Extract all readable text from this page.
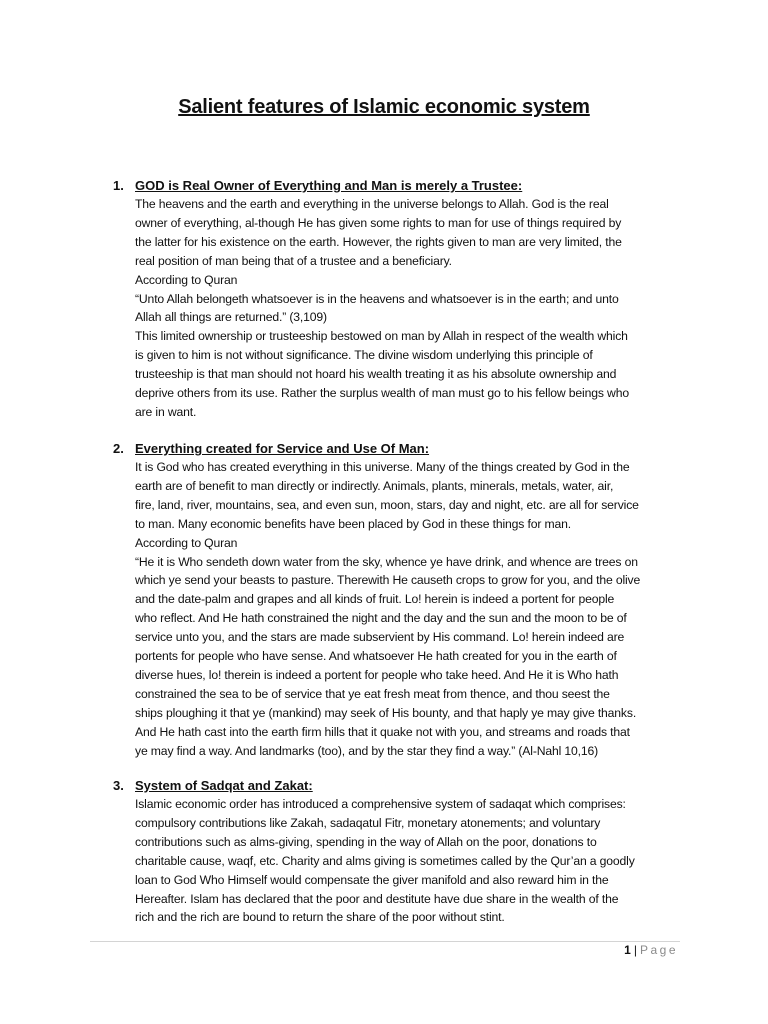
Salient features of Islamic economic system
1. GOD is Real Owner of Everything and Man is merely a Trustee:
The heavens and the earth and everything in the universe belongs to Allah. God is the real
owner of everything, al-though He has given some rights to man for use of things required by
the latter for his existence on the earth. However, the rights given to man are very limited, the
real position of man being that of a trustee and a beneficiary.
According to Quran
“Unto Allah belongeth whatsoever is in the heavens and whatsoever is in the earth; and unto
Allah all things are returned.” (3,109)
This limited ownership or trusteeship bestowed on man by Allah in respect of the wealth which
is given to him is not without significance. The divine wisdom underlying this principle of
trusteeship is that man should not hoard his wealth treating it as his absolute ownership and
deprive others from its use. Rather the surplus wealth of man must go to his fellow beings who
are in want.
2. Everything created for Service and Use Of Man:
It is God who has created everything in this universe. Many of the things created by God in the
earth are of benefit to man directly or indirectly. Animals, plants, minerals, metals, water, air,
fire, land, river, mountains, sea, and even sun, moon, stars, day and night, etc. are all for service
to man. Many economic benefits have been placed by God in these things for man.
According to Quran
“He it is Who sendeth down water from the sky, whence ye have drink, and whence are trees on
which ye send your beasts to pasture. Therewith He causeth crops to grow for you, and the olive
and the date-palm and grapes and all kinds of fruit. Lo! herein is indeed a portent for people
who reflect. And He hath constrained the night and the day and the sun and the moon to be of
service unto you, and the stars are made subservient by His command. Lo! herein indeed are
portents for people who have sense. And whatsoever He hath created for you in the earth of
diverse hues, lo! therein is indeed a portent for people who take heed. And He it is Who hath
constrained the sea to be of service that ye eat fresh meat from thence, and thou seest the
ships ploughing it that ye (mankind) may seek of His bounty, and that haply ye may give thanks.
And He hath cast into the earth firm hills that it quake not with you, and streams and roads that
ye may find a way. And landmarks (too), and by the star they find a way.” (Al-Nahl 10,16)
3. System of Sadqat and Zakat:
Islamic economic order has introduced a comprehensive system of sadaqat which comprises:
compulsory contributions like Zakah, sadaqatul Fitr, monetary atonements; and voluntary
contributions such as alms-giving, spending in the way of Allah on the poor, donations to
charitable cause, waqf, etc. Charity and alms giving is sometimes called by the Qur’an a goodly
loan to God Who Himself would compensate the giver manifold and also reward him in the
Hereafter. Islam has declared that the poor and destitute have due share in the wealth of the
rich and the rich are bound to return the share of the poor without stint.
1 | Page
